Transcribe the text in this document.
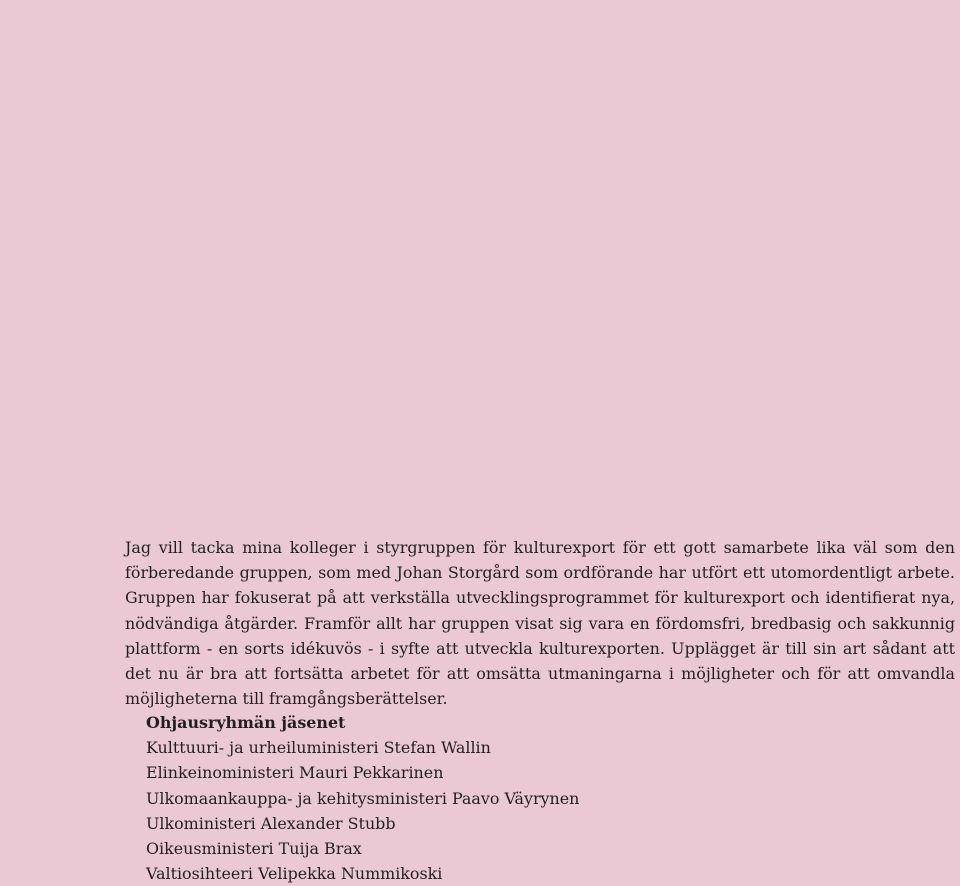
Jag vill tacka mina kolleger i styrgruppen för kulturexport för ett gott samarbete lika väl som den förberedande gruppen, som med Johan Storgård som ordförande har utfört ett utomordentligt arbete. Gruppen har fokuserat på att verkställa utvecklingsprogrammet för kulturexport och identifierat nya, nödvändiga åtgärder. Framför allt har gruppen visat sig vara en fördomsfri, bredbasig och sakkunnig plattform - en sorts idékuvös - i syfte att utveckla kulturexporten. Upplägget är till sin art sådant att det nu är bra att fortsätta arbetet för att omsätta utmaningarna i möjligheter och för att omvandla möjligheterna till framgångsberättelser.

Ohjausryhmän jäsenet
Kulttuuri- ja urheiluministeri Stefan Wallin
Elinkeinoministeri Mauri Pekkarinen
Ulkomaankauppa- ja kehitysministeri Paavo Väyrynen
Ulkoministeri Alexander Stubb
Oikeusministeri Tuija Brax
Valtiosihteeri Velipekka Nummikoski
